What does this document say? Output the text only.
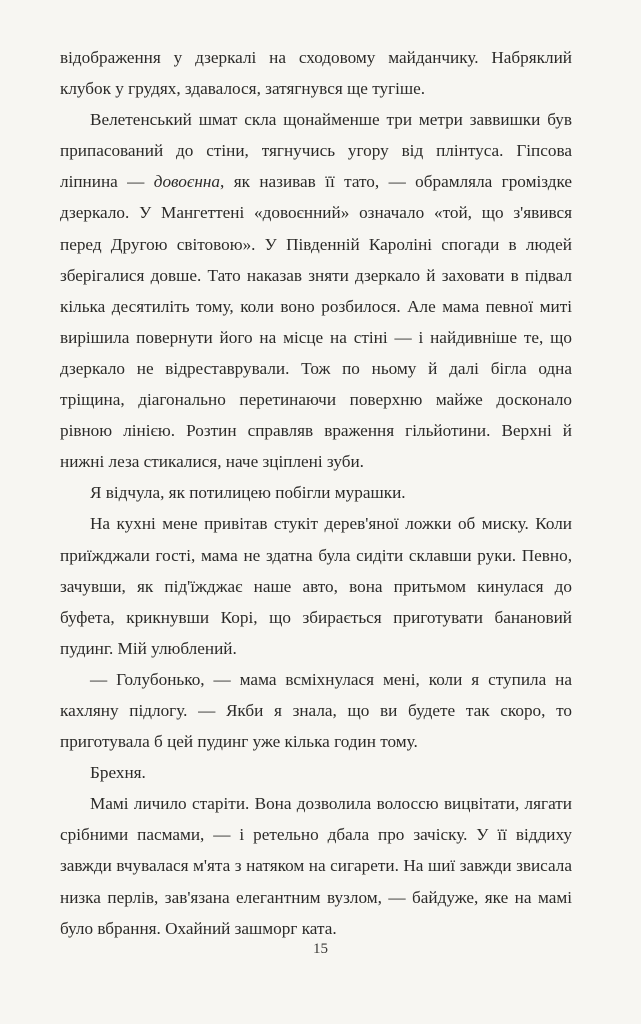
відображення у дзеркалі на сходовому майданчику. Набряклий клубок у грудях, здавалося, затягнувся ще тугіше.

Велетенський шмат скла щонайменше три метри заввишки був припасований до стіни, тягнучись угору від плінтуса. Гіпсова ліпнина — довоєнна, як називав її тато, — обрамляла громіздке дзеркало. У Мангеттені «довоєнний» означало «той, що з'явився перед Другою світовою». У Південній Кароліні спогади в людей зберігалися довше. Тато наказав зняти дзеркало й заховати в підвал кілька десятиліть тому, коли воно розбилося. Але мама певної миті вирішила повернути його на місце на стіні — і найдивніше те, що дзеркало не відреставрували. Тож по ньому й далі бігла одна тріщина, діагонально перетинаючи поверхню майже досконало рівною лінією. Розтин справляв враження гільйотини. Верхні й нижні леза стикалися, наче зціплені зуби.

Я відчула, як потилицею побігли мурашки.

На кухні мене привітав стукіт дерев'яної ложки об миску. Коли приїжджали гості, мама не здатна була сидіти склавши руки. Певно, зачувши, як під'їжджає наше авто, вона притьмом кинулася до буфета, крикнувши Корі, що збирається приготувати банановий пудинг. Мій улюблений.

— Голубонько, — мама всміхнулася мені, коли я ступила на кахляну підлогу. — Якби я знала, що ви будете так скоро, то приготувала б цей пудинг уже кілька годин тому.

Брехня.

Мамі личило старіти. Вона дозволила волоссю вицвітати, лягати срібними пасмами, — і ретельно дбала про зачіску. У її віддиху завжди вчувалася м'ята з натяком на сигарети. На шиї завжди звисала низка перлів, зав'язана елегантним вузлом, — байдуже, яке на мамі було вбрання. Охайний зашморг ката.

15
